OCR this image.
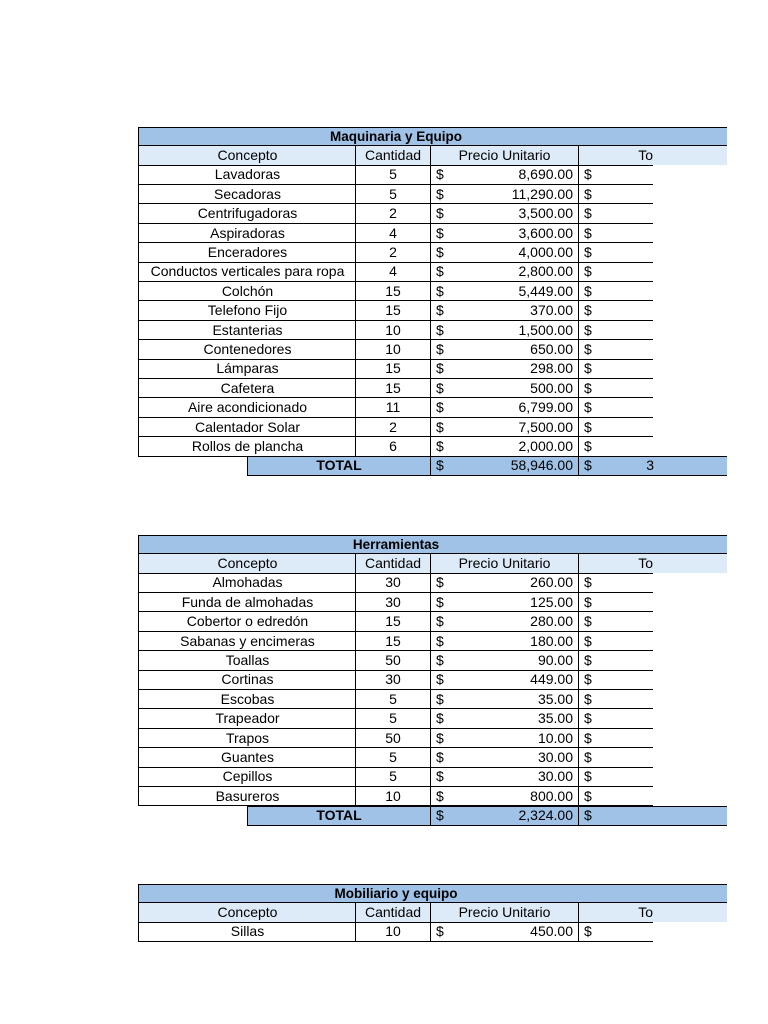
Maquinaria y Equipo
Concepto	Cantidad	Precio Unitario	To
Lavadoras	5	$	8,690.00 $
Secadoras	5	$	11,290.00 $
Centrifugadoras	2	$	3,500.00 $
Aspiradoras	4	$	3,600.00 $
Enceradores	2	$	4,000.00 $
Conductos verticales para ropa	4	$	2,800.00 $
Colchón	15	$	5,449.00 $
Telefono Fijo	15	$	370.00 $
Estanterias	10	$	1,500.00 $
Contenedores	10	$	650.00 $
Lámparas	15	$	298.00 $
Cafetera	15	$	500.00 $
Aire acondicionado	11	$	6,799.00 $
Calentador Solar	2	$	7,500.00 $
Rollos de plancha	6	$	2,000.00 $
TOTAL	$	58,946.00 $	3
Herramientas
Concepto	Cantidad	Precio Unitario	To
Almohadas	30	$	260.00 $
Funda de almohadas	30	$	125.00 $
Cobertor o edredón	15	$	280.00 $
Sabanas y encimeras	15	$	180.00 $
Toallas	50	$	90.00 $
Cortinas	30	$	449.00 $
Escobas	5	$	35.00 $
Trapeador	5	$	35.00 $
Trapos	50	$	10.00 $
Guantes	5	$	30.00 $
Cepillos	5	$	30.00 $
Basureros	10	$	800.00 $
TOTAL	$	2,324.00 $
Mobiliario y equipo
Concepto	Cantidad	Precio Unitario	To
Sillas	10	$	450.00 $
